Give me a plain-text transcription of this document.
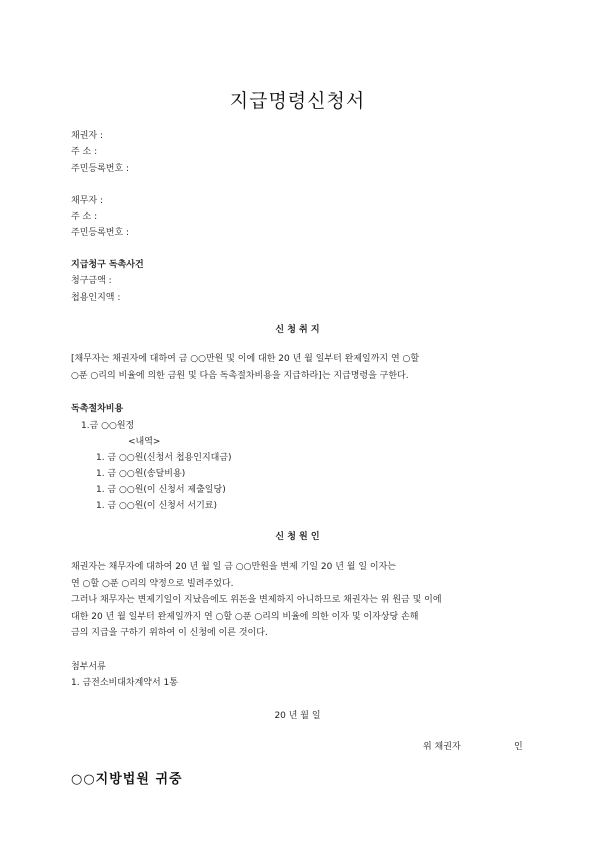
지급명령신청서
채권자 :
주 소 :
주민등록번호 :
채무자 :
주 소 :
주민등록번호 :
지급청구 독촉사건
청구금액 :
첩용인지액 :
신 청 취 지
[채무자는 채권자에 대하여 금 ○○만원 및 이에 대한 20 년 월 일부터 완제일까지 연 ○할
○푼 ○리의 비율에 의한 금원 및 다음 독촉절차비용을 지급하라]는 지급명령을 구한다.
독촉절차비용
1.금 ○○원정
<내역>
1. 금 ○○원(신청서 첩용인지대금)
1. 금 ○○원(송달비용)
1. 금 ○○원(이 신청서 제출일당)
1. 금 ○○원(이 신청서 서기료)
신 청 원 인
채권자는 채무자에 대하여 20 년 월 일 금 ○○만원을 변제 기일 20 년 월 일 이자는
연 ○할 ○푼 ○리의 약정으로 빌려주었다.
그러나 채무자는 변제기일이 지났음에도 위돈을 변제하지 아니하므로 채권자는 위 원금 및 이에
대한 20 년 월 일부터 완제일까지 연 ○할 ○푼 ○리의 비율에 의한 이자 및 이자상당 손해
금의 지급을 구하기 위하여 이 신청에 이른 것이다.
첨부서류
1. 금전소비대차계약서 1통
20 년 월 일
위 채권자	인
○○지방법원 귀중
